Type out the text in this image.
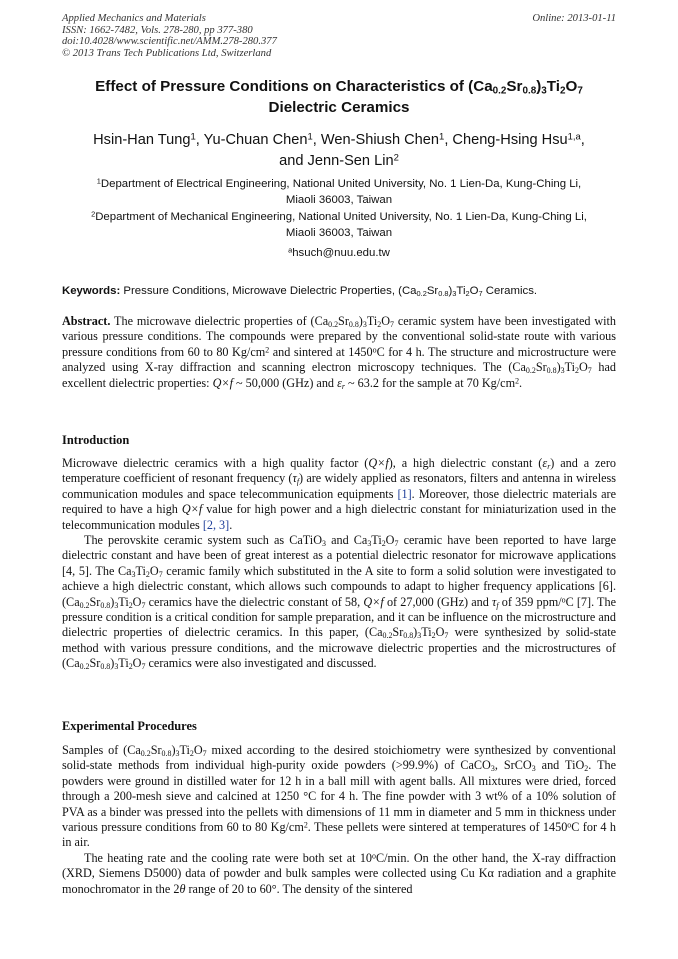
Applied Mechanics and Materials
ISSN: 1662-7482, Vols. 278-280, pp 377-380
doi:10.4028/www.scientific.net/AMM.278-280.377
© 2013 Trans Tech Publications Ltd, Switzerland
Online: 2013-01-11
Effect of Pressure Conditions on Characteristics of $(Ca_{0.2}Sr_{0.8})_3Ti_2O_7$
Dielectric Ceramics
Hsin-Han Tung$^1$, Yu-Chuan Chen$^1$, Wen-Shiush Chen$^1$, Cheng-Hsing Hsu$^{1,a}$,
and Jenn-Sen Lin$^2$
$^1$Department of Electrical Engineering, National United University, No. 1 Lien-Da, Kung-Ching Li,
Miaoli 36003, Taiwan
$^2$Department of Mechanical Engineering, National United University, No. 1 Lien-Da, Kung-Ching Li,
Miaoli 36003, Taiwan
$^a$hsuch@nuu.edu.tw
Keywords: Pressure Conditions, Microwave Dielectric Properties, $(Ca_{0.2}Sr_{0.8})_3Ti_2O_7$ Ceramics.

Abstract. The microwave dielectric properties of $(Ca_{0.2}Sr_{0.8})_3Ti_2O_7$ ceramic system have been investigated with various pressure conditions. The compounds were prepared by the conventional solid-state route with various pressure conditions from 60 to 80 $Kg/cm^2$ and sintered at 1450$^o$C for 4 h. The structure and microstructure were analyzed using X-ray diffraction and scanning electron microscopy techniques. The $(Ca_{0.2}Sr_{0.8})_3Ti_2O_7$ had excellent dielectric properties: Q×f ~ 50,000 (GHz) and $\varepsilon_r$ ~ 63.2 for the sample at 70 $Kg/cm^2$.

Introduction

Microwave dielectric ceramics with a high quality factor (Q×f), a high dielectric constant $(\varepsilon_r)$ and a zero temperature coefficient of resonant frequency $(\tau_f)$ are widely applied as resonators, filters and antenna in wireless communication modules and space telecommunication equipments [1]. Moreover, those dielectric materials are required to have a high Q×f value for high power and a high dielectric constant for miniaturization used in the telecommunication modules [2, 3].

The perovskite ceramic system such as CaTiO$_3$ and $Ca_3Ti_2O_7$ ceramic have been reported to have large dielectric constant and have been of great interest as a potential dielectric resonator for microwave applications [4, 5]. The $Ca_3Ti_2O_7$ ceramic family which substituted in the A site to form a solid solution were investigated to achieve a high dielectric constant, which allows such compounds to adapt to higher frequency applications [6]. $(Ca_{0.2}Sr_{0.8})_3Ti_2O_7$ ceramics have the dielectric constant of 58, Q×f of 27,000 (GHz) and $\tau_f$ of 359 ppm/$^o$C [7]. The pressure condition is a critical condition for sample preparation, and it can be influence on the microstructure and dielectric properties of dielectric ceramics. In this paper, $(Ca_{0.2}Sr_{0.8})_3Ti_2O_7$ were synthesized by solid-state method with various pressure conditions, and the microwave dielectric properties and the microstructures of $(Ca_{0.2}Sr_{0.8})_3Ti_2O_7$ ceramics were also investigated and discussed.

Experimental Procedures

Samples of $(Ca_{0.2}Sr_{0.8})_3Ti_2O_7$ mixed according to the desired stoichiometry were synthesized by conventional solid-state methods from individual high-purity oxide powders (>99.9%) of CaCO$_3$, SrCO$_3$ and TiO$_2$. The powders were ground in distilled water for 12 h in a ball mill with agent balls. All mixtures were dried, forced through a 200-mesh sieve and calcined at 1250 °C for 4 h. The fine powder with 3 wt% of a 10% solution of PVA as a binder was pressed into the pellets with dimensions of 11 mm in diameter and 5 mm in thickness under various pressure conditions from 60 to 80 $Kg/cm^2$. These pellets were sintered at temperatures of 1450$^o$C for 4 h in air.

The heating rate and the cooling rate were both set at 10$^o$C/min. On the other hand, the X-ray diffraction (XRD, Siemens D5000) data of powder and bulk samples were collected using Cu Kα radiation and a graphite monochromator in the 2θ range of 20 to 60°. The density of the sintered
